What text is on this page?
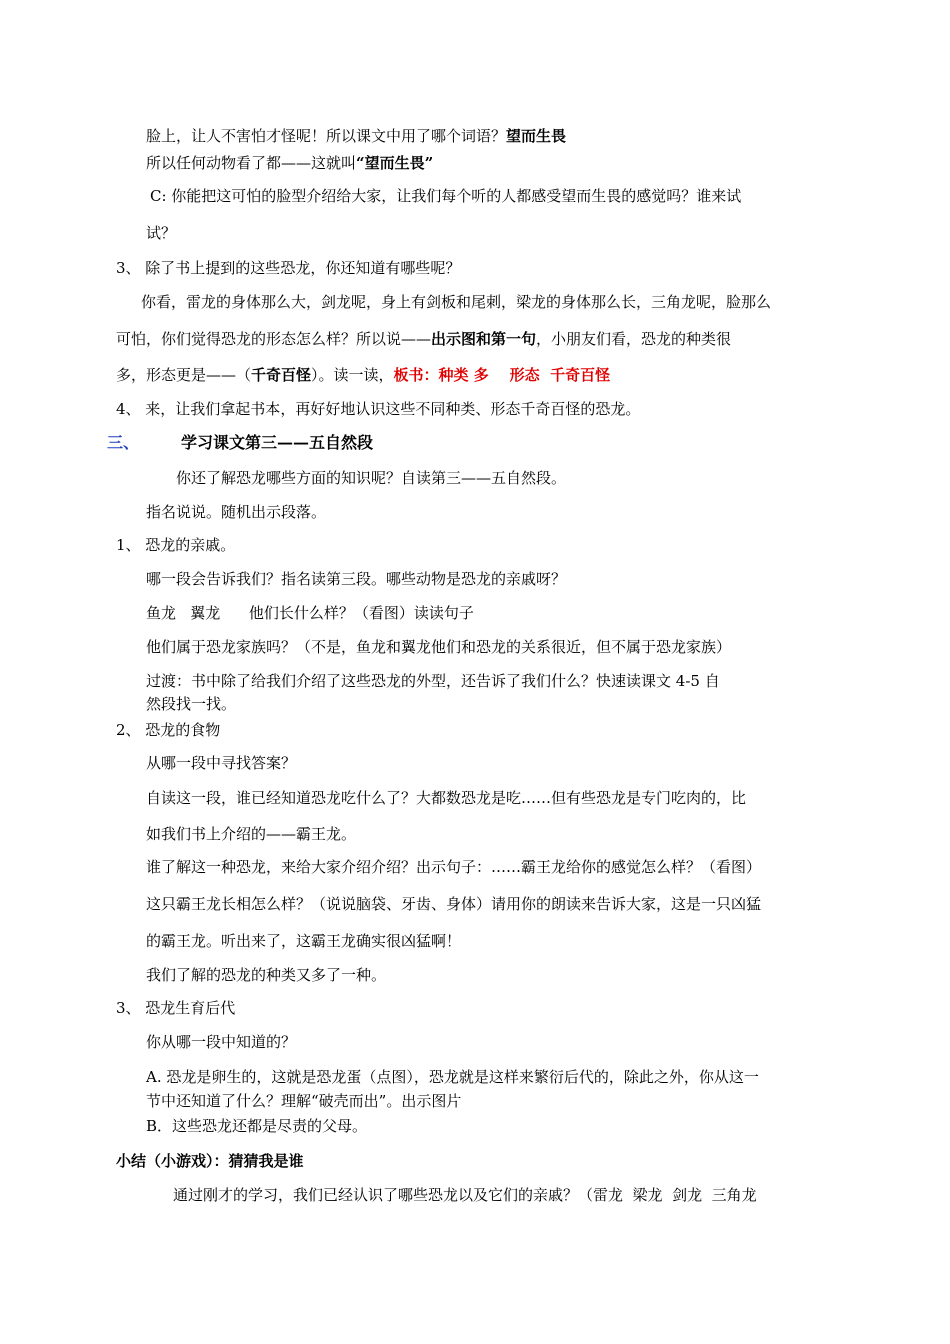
脸上，让人不害怕才怪呢！所以课文中用了哪个词语？望而生畏
所以任何动物看了都——这就叫“望而生畏”
C: 你能把这可怕的脸型介绍给大家，让我们每个听的人都感受望而生畏的感觉吗？谁来试
试？
3、 除了书上提到的这些恐龙，你还知道有哪些呢？
你看，雷龙的身体那么大，剑龙呢，身上有剑板和尾刺，梁龙的身体那么长，三角龙呢，脸那么
可怕，你们觉得恐龙的形态怎么样？所以说——出示图和第一句，小朋友们看，恐龙的种类很
多，形态更是——（千奇百怪）。读一读，板书：种类 多    形态  千奇百怪
4、 来，让我们拿起书本，再好好地认识这些不同种类、形态千奇百怪的恐龙。
三、	学习课文第三——五自然段
你还了解恐龙哪些方面的知识呢？自读第三——五自然段。
指名说说。随机出示段落。
1、 恐龙的亲戚。
哪一段会告诉我们？指名读第三段。哪些动物是恐龙的亲戚呀？
鱼龙   翼龙      他们长什么样？（看图）读读句子
他们属于恐龙家族吗？（不是，鱼龙和翼龙他们和恐龙的关系很近，但不属于恐龙家族）
过渡：书中除了给我们介绍了这些恐龙的外型，还告诉了我们什么？快速读课文 4-5 自
然段找一找。
2、 恐龙的食物
从哪一段中寻找答案？
自读这一段，谁已经知道恐龙吃什么了？大都数恐龙是吃……但有些恐龙是专门吃肉的，比
如我们书上介绍的——霸王龙。
谁了解这一种恐龙，来给大家介绍介绍？出示句子：……霸王龙给你的感觉怎么样？（看图）
这只霸王龙长相怎么样？（说说脑袋、牙齿、身体）请用你的朗读来告诉大家，这是一只凶猛
的霸王龙。听出来了，这霸王龙确实很凶猛啊！
我们了解的恐龙的种类又多了一种。
3、 恐龙生育后代
你从哪一段中知道的？
A. 恐龙是卵生的，这就是恐龙蛋（点图），恐龙就是这样来繁衍后代的，除此之外，你从这一
节中还知道了什么？理解“破壳而出”。出示图片
B．这些恐龙还都是尽责的父母。
小结（小游戏）：猜猜我是谁
通过刚才的学习，我们已经认识了哪些恐龙以及它们的亲戚？（雷龙  梁龙  剑龙  三角龙
